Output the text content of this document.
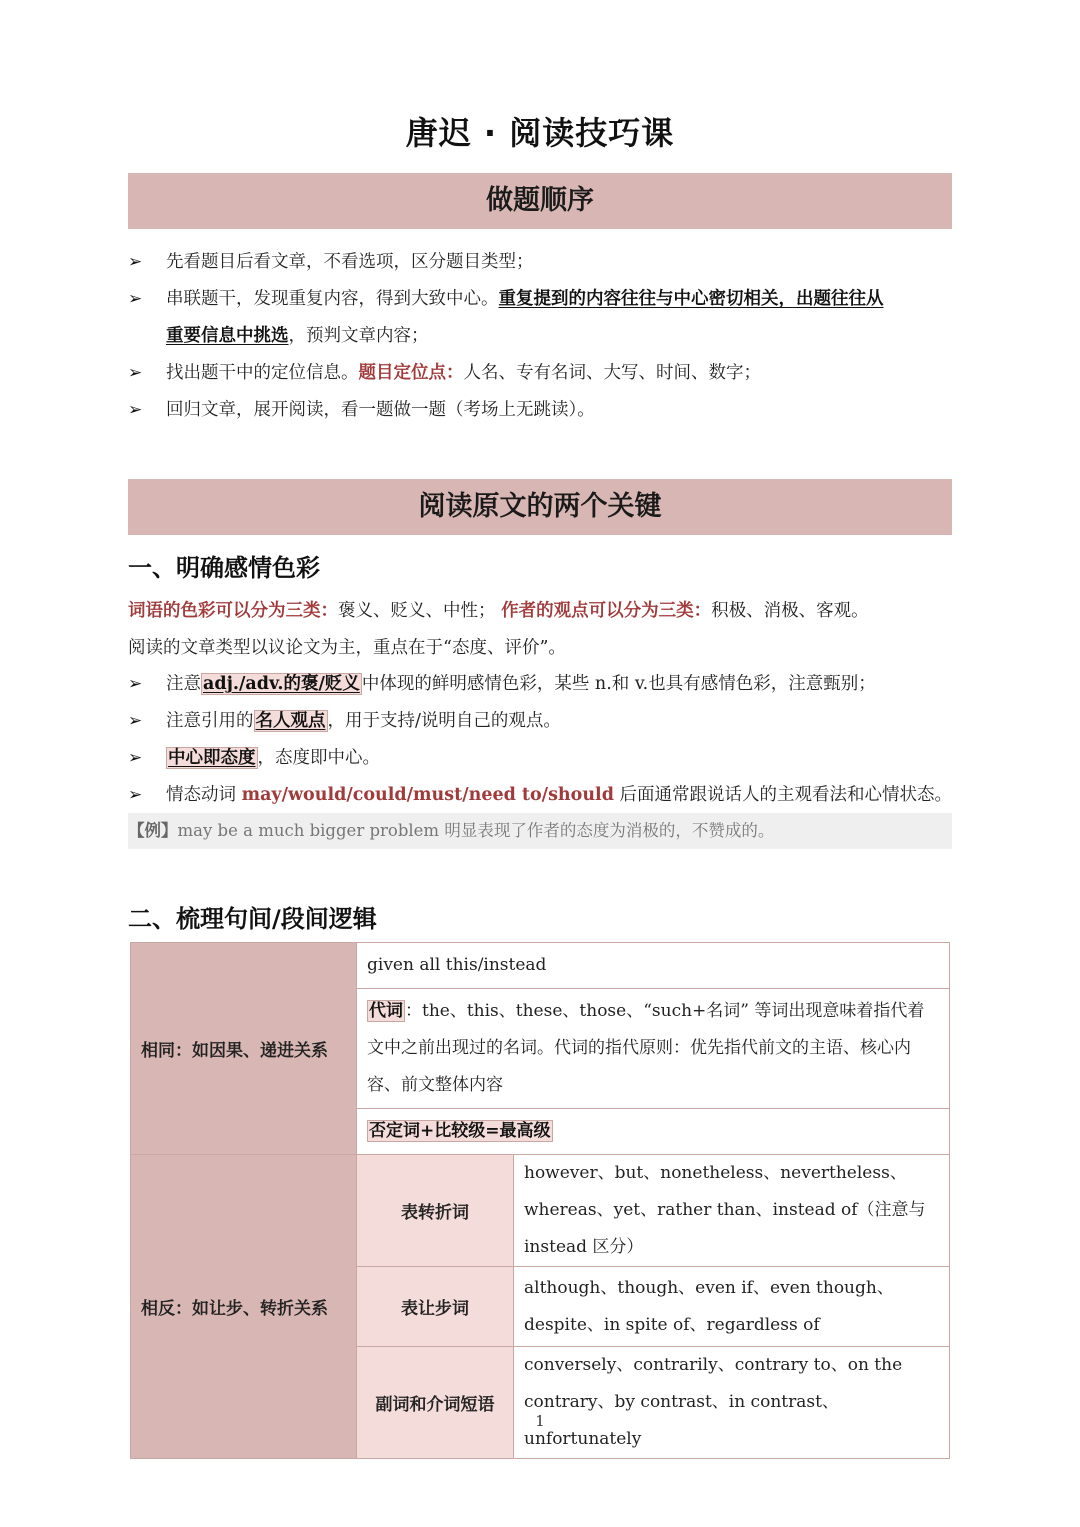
唐迟 · 阅读技巧课
做题顺序
➢	先看题目后看文章，不看选项，区分题目类型；
➢	串联题干，发现重复内容，得到大致中心。重复提到的内容往往与中心密切相关，出题往往从
重要信息中挑选，预判文章内容；
➢	找出题干中的定位信息。题目定位点：人名、专有名词、大写、时间、数字；
➢	回归文章，展开阅读，看一题做一题（考场上无跳读）。
阅读原文的两个关键
一、明确感情色彩
词语的色彩可以分为三类：褒义、贬义、中性； 作者的观点可以分为三类：积极、消极、客观。
阅读的文章类型以议论文为主，重点在于“态度、评价”。
➢	注意 adj./adv.的褒/贬义 中体现的鲜明感情色彩，某些 n.和 v.也具有感情色彩，注意甄别；
➢	注意引用的 名人观点 ，用于支持/说明自己的观点。
➢	中心即态度 ，态度即中心。
➢	情态动词 may/would/could/must/need to/should 后面通常跟说话人的主观看法和心情状态。
【例】may be a much bigger problem 明显表现了作者的态度为消极的，不赞成的。
二、梳理句间/段间逻辑
相同：如因果、递进关系	given all this/instead	
	代词 ：the、this、these、those、“such+名词” 等词出现意味着指代着文中之前出现过的名词。代词的指代原则：优先指代前文的主语、核心内容、前文整体内容	
	否定词+比较级=最高级	
相反：如让步、转折关系	表转折词	however、but、nonetheless、nevertheless、whereas、yet、rather than、instead of（注意与 instead 区分）
	表让步词	although、though、even if、even though、despite、in spite of、regardless of
	副词和介词短语	conversely、contrarily、contrary to、on the contrary、by contrast、in contrast、unfortunately
1
